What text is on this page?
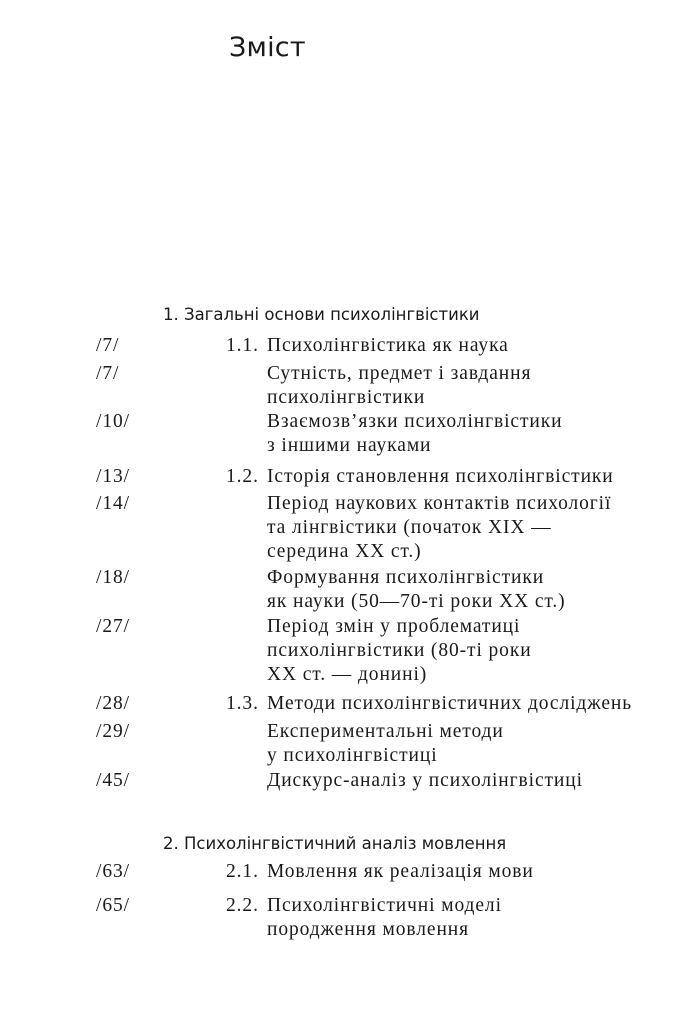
Зміст
1. Загальні основи психолінгвістики
/7/	1.1. Психолінгвістика як наука
/7/	Сутність, предмет і завдання
психолінгвістики
/10/	Взаємозв’язки психолінгвістики
з іншими науками
/13/	1.2. Історія становлення психолінгвістики
/14/	Період наукових контактів психології
та лінгвістики (початок XIX —
середина XX ст.)
/18/	Формування психолінгвістики
як науки (50—70-ті роки XX ст.)
/27/	Період змін у проблематиці
психолінгвістики (80-ті роки
XX ст. — донині)
/28/	1.3. Методи психолінгвістичних досліджень
/29/	Експериментальні методи
у психолінгвістиці
/45/	Дискурс-аналіз у психолінгвістиці
2. Психолінгвістичний аналіз мовлення
/63/	2.1. Мовлення як реалізація мови
/65/	2.2. Психолінгвістичні моделі
породження мовлення
